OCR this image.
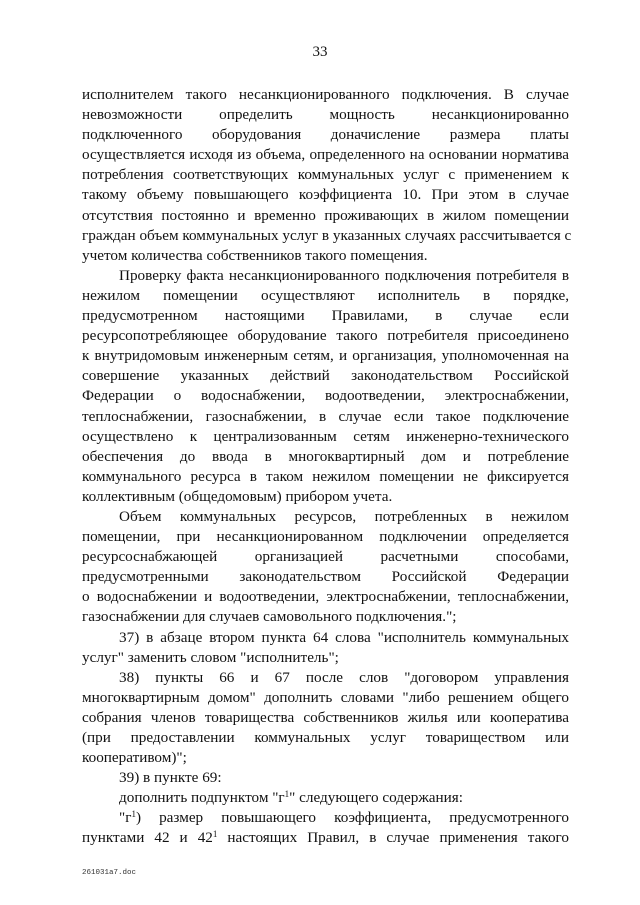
33
исполнителем такого несанкционированного подключения. В случае
невозможности определить мощность несанкционированно
подключенного оборудования доначисление размера платы
осуществляется исходя из объема, определенного на основании норматива
потребления соответствующих коммунальных услуг с применением к
такому объему повышающего коэффициента 10. При этом в случае
отсутствия постоянно и временно проживающих в жилом помещении
граждан объем коммунальных услуг в указанных случаях рассчитывается с
учетом количества собственников такого помещения.
Проверку факта несанкционированного подключения потребителя в
нежилом помещении осуществляют исполнитель в порядке,
предусмотренном настоящими Правилами, в случае если
ресурсопотребляющее оборудование такого потребителя присоединено
к внутридомовым инженерным сетям, и организация, уполномоченная на
совершение указанных действий законодательством Российской
Федерации о водоснабжении, водоотведении, электроснабжении,
теплоснабжении, газоснабжении, в случае если такое подключение
осуществлено к централизованным сетям инженерно-технического
обеспечения до ввода в многоквартирный дом и потребление
коммунального ресурса в таком нежилом помещении не фиксируется
коллективным (общедомовым) прибором учета.
Объем коммунальных ресурсов, потребленных в нежилом
помещении, при несанкционированном подключении определяется
ресурсоснабжающей организацией расчетными способами,
предусмотренными законодательством Российской Федерации
о водоснабжении и водоотведении, электроснабжении, теплоснабжении,
газоснабжении для случаев самовольного подключения.";
37) в абзаце втором пункта 64 слова "исполнитель коммунальных
услуг" заменить словом "исполнитель";
38) пункты 66 и 67 после слов "договором управления
многоквартирным домом" дополнить словами "либо решением общего
собрания членов товарищества собственников жилья или кооператива
(при предоставлении коммунальных услуг товариществом или
кооперативом)";
39) в пункте 69:
дополнить подпунктом "$г^1$" следующего содержания:
"$г^1$) размер повышающего коэффициента, предусмотренного
пунктами 42 и $42^1$ настоящих Правил, в случае применения такого
261031a7.doc
